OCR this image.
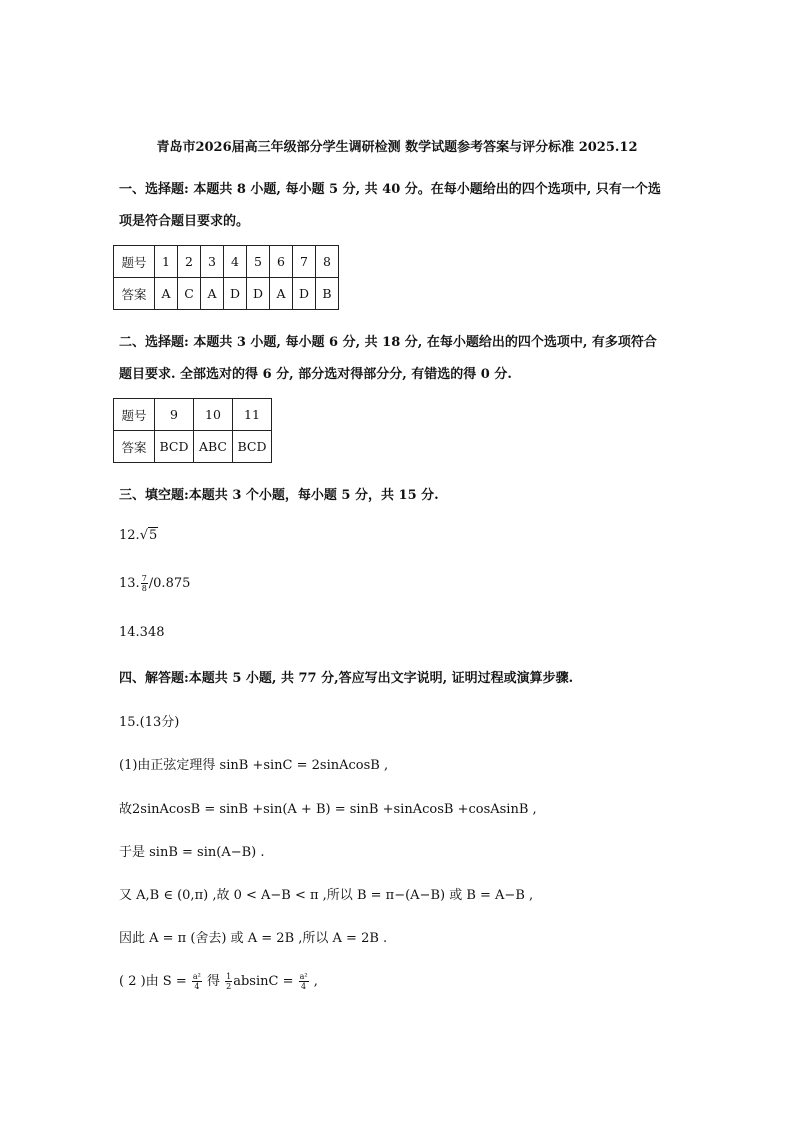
青岛市2026届高三年级部分学生调研检测 数学试题参考答案与评分标准 2025.12
一、选择题: 本题共 8 小题, 每小题 5 分, 共 40 分。在每小题给出的四个选项中, 只有一个选
项是符合题目要求的。
题号	1	2	3	4	5	6	7	8
答案	A	C	A	D	D	A	D	B
二、选择题: 本题共 3 小题, 每小题 6 分, 共 18 分, 在每小题给出的四个选项中, 有多项符合
题目要求. 全部选对的得 6 分, 部分选对得部分分, 有错选的得 0 分.
题号	9	10	11
答案	BCD	ABC	BCD
三、填空题:本题共 3 个小题，每小题 5 分，共 15 分.
12.√5
13. $\frac{7}{8} /0.875$
14.348
四、解答题:本题共 5 小题, 共 77 分,答应写出文字说明, 证明过程或演算步骤.
15.(13分)
(1)由正弦定理得 sinB +sinC = 2sinAcosB ,
故2sinAcosB = sinB +sin(A + B) = sinB +sinAcosB +cosAsinB ,
于是 sinB = sin(A−B) .
又 A,B ∈ (0,π) ,故 0 < A−B < π ,所以 B = π−(A−B) 或 B = A−B ,
因此 A = π (舍去) 或 A = 2B ,所以 A = 2B .
( 2 )由 $S = \frac{\text{a²}}{4}$ 得 $\frac{1}{2}$ $absinC = \frac{\text{a²}}{4}$ ,
